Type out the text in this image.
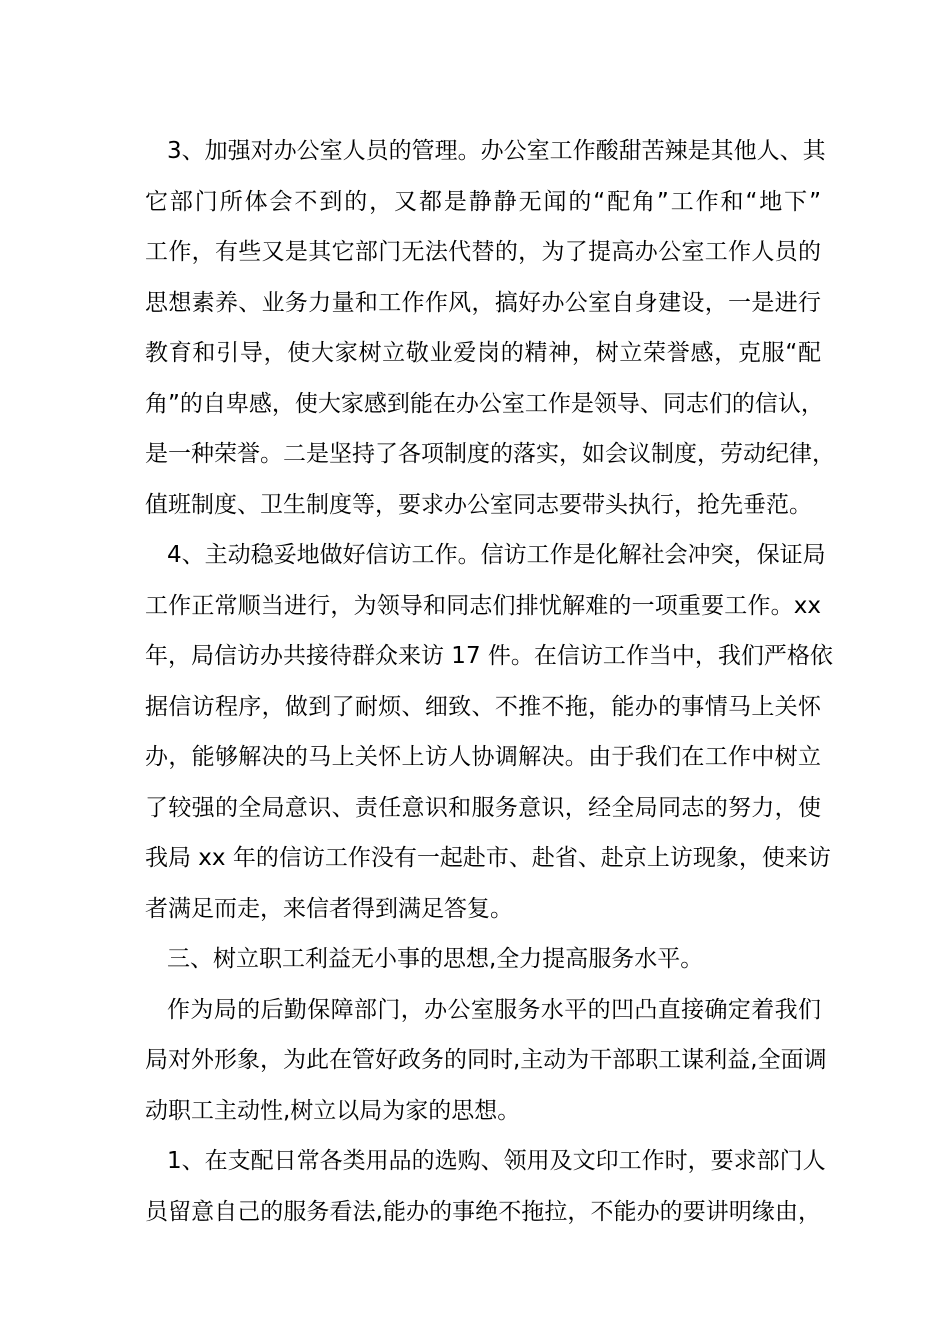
3、加强对办公室人员的管理。办公室工作酸甜苦辣是其他人、其
它部门所体会不到的，又都是静静无闻的“配角”工作和“地下”
工作，有些又是其它部门无法代替的，为了提高办公室工作人员的
思想素养、业务力量和工作作风，搞好办公室自身建设，一是进行
教育和引导，使大家树立敬业爱岗的精神，树立荣誉感，克服“配
角”的自卑感，使大家感到能在办公室工作是领导、同志们的信认，
是一种荣誉。二是坚持了各项制度的落实，如会议制度，劳动纪律，
值班制度、卫生制度等，要求办公室同志要带头执行，抢先垂范。
4、主动稳妥地做好信访工作。信访工作是化解社会冲突，保证局
工作正常顺当进行，为领导和同志们排忧解难的一项重要工作。xx
年，局信访办共接待群众来访 17 件。在信访工作当中，我们严格依
据信访程序，做到了耐烦、细致、不推不拖，能办的事情马上关怀
办，能够解决的马上关怀上访人协调解决。由于我们在工作中树立
了较强的全局意识、责任意识和服务意识，经全局同志的努力，使
我局 xx 年的信访工作没有一起赴市、赴省、赴京上访现象，使来访
者满足而走，来信者得到满足答复。
三、树立职工利益无小事的思想,全力提高服务水平。
作为局的后勤保障部门，办公室服务水平的凹凸直接确定着我们
局对外形象，为此在管好政务的同时,主动为干部职工谋利益,全面调
动职工主动性,树立以局为家的思想。
1、在支配日常各类用品的选购、领用及文印工作时，要求部门人
员留意自己的服务看法,能办的事绝不拖拉，不能办的要讲明缘由，
